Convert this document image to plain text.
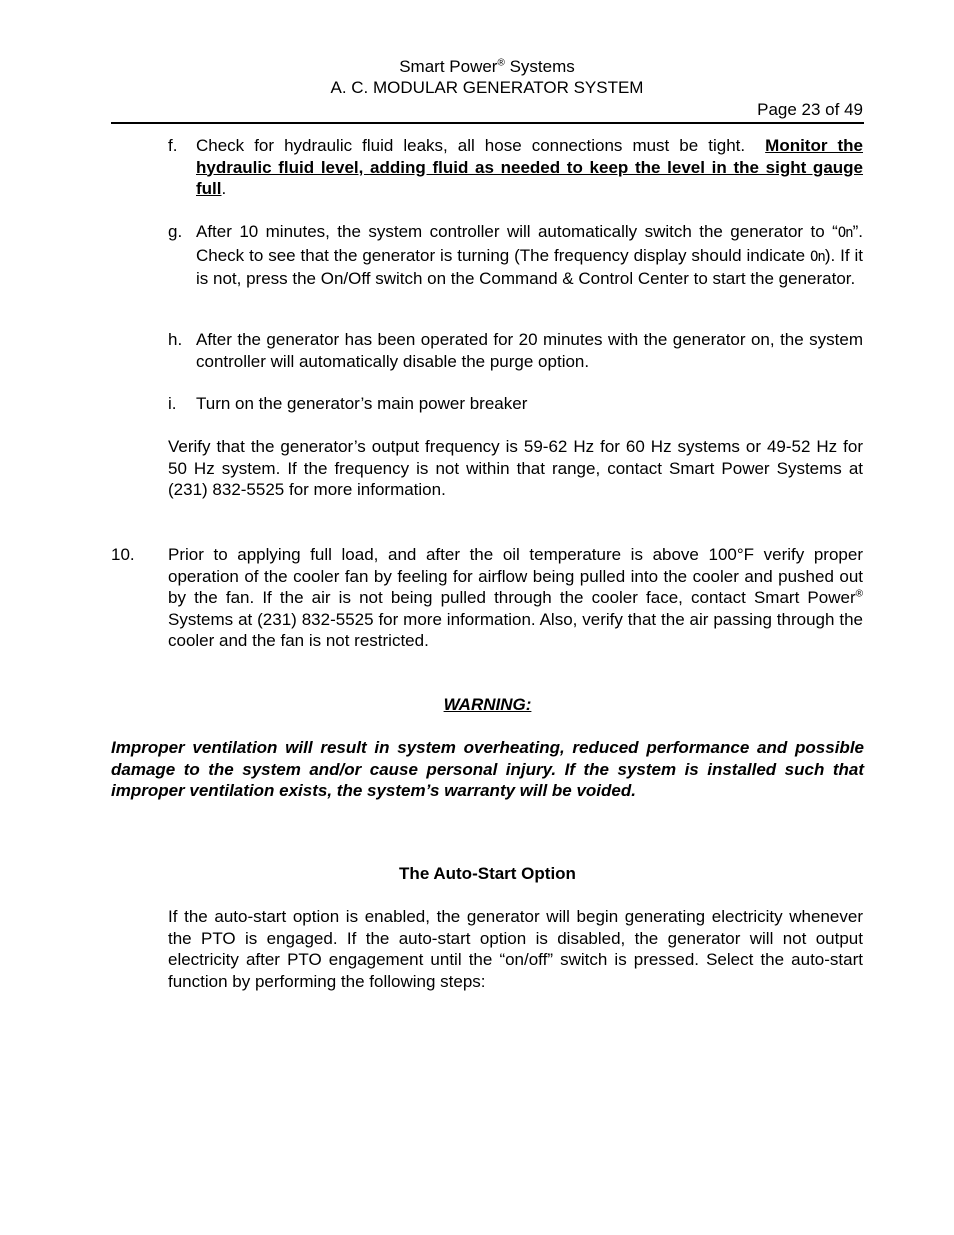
Smart Power® Systems
A. C. MODULAR GENERATOR SYSTEM
Page 23 of 49
f. Check for hydraulic fluid leaks, all hose connections must be tight. Monitor the hydraulic fluid level, adding fluid as needed to keep the level in the sight gauge full.
g. After 10 minutes, the system controller will automatically switch the generator to “On”. Check to see that the generator is turning (The frequency display should indicate On). If it is not, press the On/Off switch on the Command & Control Center to start the generator.
h. After the generator has been operated for 20 minutes with the generator on, the system controller will automatically disable the purge option.
i. Turn on the generator’s main power breaker
Verify that the generator’s output frequency is 59-62 Hz for 60 Hz systems or 49-52 Hz for 50 Hz system. If the frequency is not within that range, contact Smart Power Systems at (231) 832-5525 for more information.
10. Prior to applying full load, and after the oil temperature is above 100°F verify proper operation of the cooler fan by feeling for airflow being pulled into the cooler and pushed out by the fan. If the air is not being pulled through the cooler face, contact Smart Power® Systems at (231) 832-5525 for more information. Also, verify that the air passing through the cooler and the fan is not restricted.
WARNING:
Improper ventilation will result in system overheating, reduced performance and possible damage to the system and/or cause personal injury. If the system is installed such that improper ventilation exists, the system’s warranty will be voided.
The Auto-Start Option
If the auto-start option is enabled, the generator will begin generating electricity whenever the PTO is engaged. If the auto-start option is disabled, the generator will not output electricity after PTO engagement until the “on/off” switch is pressed. Select the auto-start function by performing the following steps:
